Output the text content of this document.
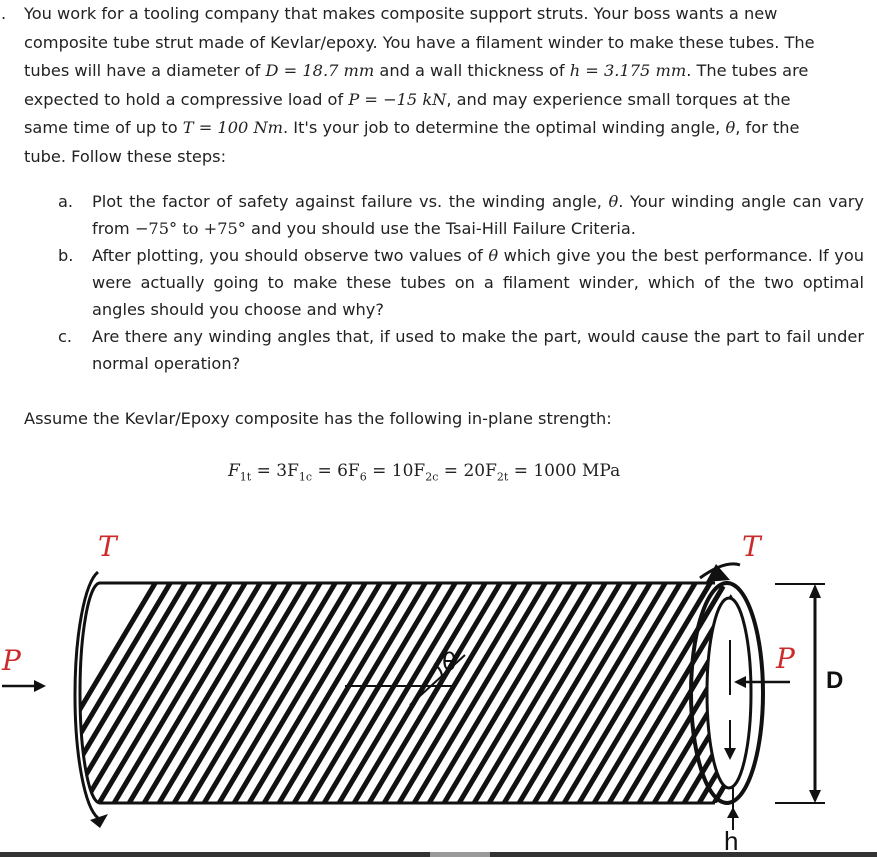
. You work for a tooling company that makes composite support struts. Your boss wants a new
composite tube strut made of Kevlar/epoxy. You have a filament winder to make these tubes. The
tubes will have a diameter of D = 18.7 mm and a wall thickness of h = 3.175 mm. The tubes are
expected to hold a compressive load of P = −15 kN, and may experience small torques at the
same time of up to T = 100 Nm. It's your job to determine the optimal winding angle, θ, for the
tube. Follow these steps:
a. Plot the factor of safety against failure vs. the winding angle, θ. Your winding angle can vary from −75° to +75° and you should use the Tsai-Hill Failure Criteria.
b. After plotting, you should observe two values of θ which give you the best performance. If you were actually going to make these tubes on a filament winder, which of the two optimal angles should you choose and why?
c. Are there any winding angles that, if used to make the part, would cause the part to fail under normal operation?
Assume the Kevlar/Epoxy composite has the following in-plane strength:
$F_{1t} = 3F_{1c} = 6F_6 = 10F_{2c} = 20F_{2t} = 1000$ MPa
T	T
P	P
θ
D
h
